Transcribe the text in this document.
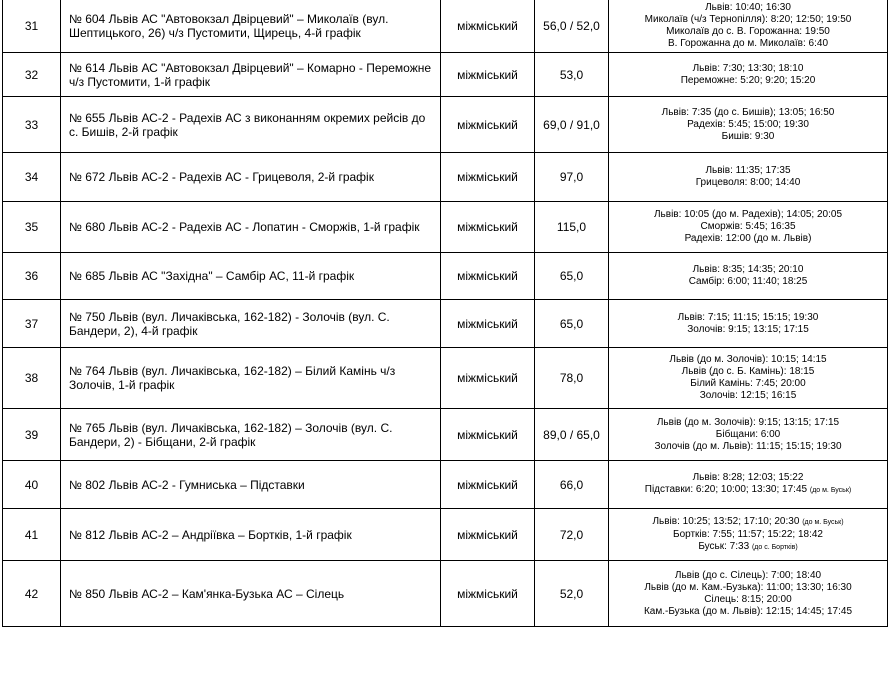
31	№ 604 Львів АС "Автовокзал Двірцевий" – Миколаїв (вул. Шептицького, 26) ч/з Пустомити, Щирець, 4-й графік	міжміський	56,0 / 52,0	Львів: 10:40; 16:30
Миколаїв (ч/з Тернопілля): 8:20; 12:50; 19:50
Миколаїв до с. В. Горожанна: 19:50
В. Горожанна до м. Миколаїв: 6:40

32	№ 614 Львів АС "Автовокзал Двірцевий" – Комарно - Переможне ч/з Пустомити, 1-й графік	міжміський	53,0	Львів: 7:30; 13:30; 18:10
Переможне: 5:20; 9:20; 15:20

33	№ 655 Львів АС-2 - Радехів АС з виконанням окремих рейсів до с. Бишів, 2-й графік	міжміський	69,0 / 91,0	Львів: 7:35 (до с. Бишів); 13:05; 16:50
Радехів: 5:45; 15:00; 19:30
Бишів: 9:30

34	№ 672 Львів АС-2 - Радехів АС - Грицеволя, 2-й графік	міжміський	97,0	Львів: 11:35; 17:35
Грицеволя: 8:00; 14:40

35	№ 680 Львів АС-2 - Радехів АС - Лопатин - Сморжів, 1-й графік	міжміський	115,0	Львів: 10:05 (до м. Радехів); 14:05; 20:05
Сморжів: 5:45; 16:35
Радехів: 12:00 (до м. Львів)

36	№ 685 Львів АС "Західна" – Самбір АС, 11-й графік	міжміський	65,0	Львів: 8:35; 14:35; 20:10
Самбір: 6:00; 11:40; 18:25

37	№ 750 Львів (вул. Личаківська, 162-182) - Золочів (вул. С. Бандери, 2), 4-й графік	міжміський	65,0	Львів: 7:15; 11:15; 15:15; 19:30
Золочів: 9:15; 13:15; 17:15

38	№ 764 Львів (вул. Личаківська, 162-182) – Білий Камінь ч/з Золочів, 1-й графік	міжміський	78,0	Львів (до м. Золочів): 10:15; 14:15
Львів (до с. Б. Камінь): 18:15
Білий Камінь: 7:45; 20:00
Золочів: 12:15; 16:15

39	№ 765 Львів (вул. Личаківська, 162-182) – Золочів (вул. С. Бандери, 2) - Бібщани, 2-й графік	міжміський	89,0 / 65,0	Львів (до м. Золочів): 9:15; 13:15; 17:15
Бібщани: 6:00
Золочів (до м. Львів): 11:15; 15:15; 19:30

40	№ 802 Львів АС-2 - Гумниська – Підставки	міжміський	66,0	Львів: 8:28; 12:03; 15:22
Підставки: 6:20; 10:00; 13:30; 17:45 (до м. Буськ)

41	№ 812 Львів АС-2 – Андріївка – Бортків, 1-й графік	міжміський	72,0	Львів: 10:25; 13:52; 17:10; 20:30 (до м. Буськ)
Бортків: 7:55; 11:57; 15:22; 18:42
Буськ: 7:33 (до с. Бортків)

42	№ 850 Львів АС-2 – Кам'янка-Бузька АС – Сілець	міжміський	52,0	Львів (до с. Сілець): 7:00; 18:40
Львів (до м. Кам.-Бузька): 11:00; 13:30; 16:30
Сілець: 8:15; 20:00
Кам.-Бузька (до м. Львів): 12:15; 14:45; 17:45
